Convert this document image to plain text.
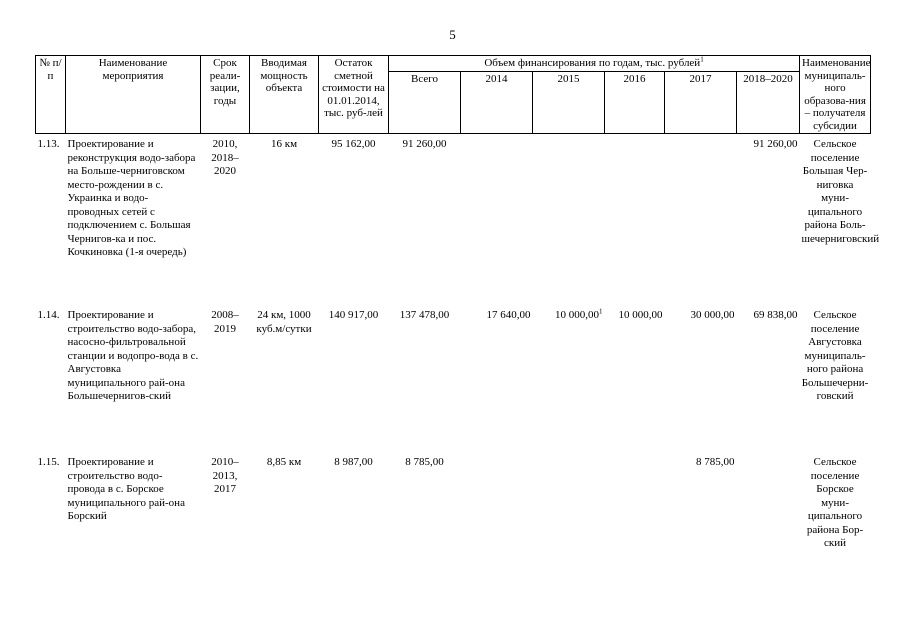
5
№ п/п	Наименование мероприятия	Срок реали-зации, годы	Вводимая мощность объекта	Остаток сметной стоимости на 01.01.2014, тыс. руб-лей	Объем финансирования по годам, тыс. рублей$^1$						Наименование муниципаль-ного образова-ния – получателя субсидии
					Всего	2014	2015	2016	2017	2018–2020	
1.13.	Проектирование и реконструкция водо-забора на Больше-черниговском место-рождении в с. Украинка и водо-проводных сетей с подключением с. Большая Чернигов-ка и пос. Кочкиновка (1-я очередь)	2010, 2018–2020	16 км	95 162,00	91 260,00					91 260,00	Сельское поселение Большая Чер-ниговка муни-ципального района Боль-шечерниговский
1.14.	Проектирование и строительство водо-забора, насосно-фильтровальной станции и водопро-вода в с. Августовка муниципального рай-она Большечернигов-ский	2008–2019	24 км, 1000 куб.м/сутки	140 917,00	137 478,00	17 640,00	10 000,00$^1$	10 000,00	30 000,00	69 838,00	Сельское поселение Августовка муниципаль-ного района Большечерни-говский
1.15.	Проектирование и строительство водо-провода в с. Борское муниципального рай-она Борский	2010–2013, 2017	8,85 км	8 987,00	8 785,00				8 785,00		Сельское поселение Борское муни-ципального района Бор-ский
